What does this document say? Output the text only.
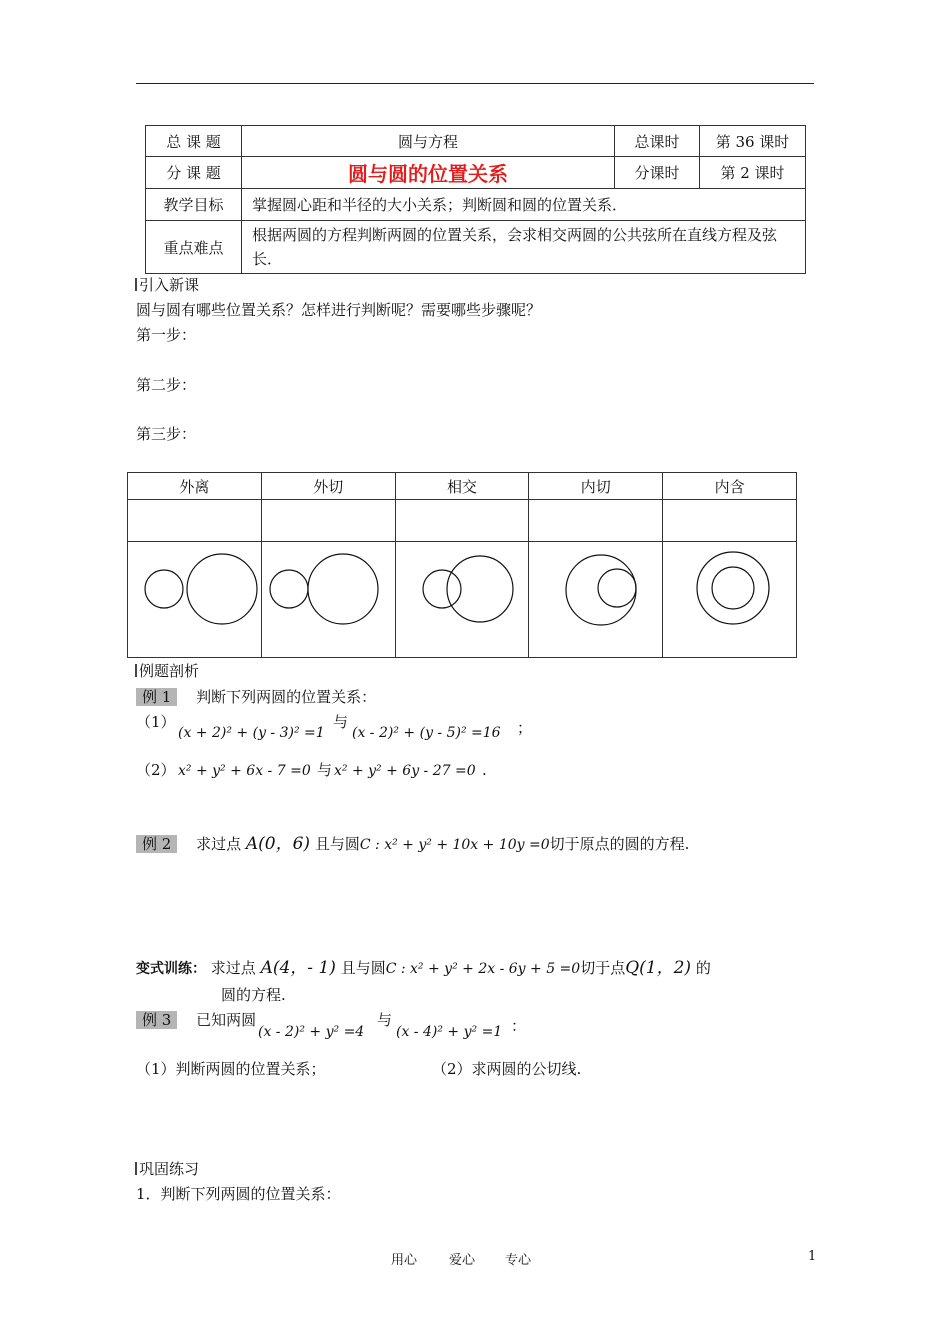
总 课 题	圆与方程	总课时	第 36 课时
分 课 题	圆与圆的位置关系	分课时	第 2 课时
教学目标	掌握圆心距和半径的大小关系；判断圆和圆的位置关系．		
重点难点	根据两圆的方程判断两圆的位置关系，会求相交两圆的公共弦所在直线方程及弦长．		
引入新课
圆与圆有哪些位置关系？怎样进行判断呢？需要哪些步骤呢？
第一步：
第二步：
第三步：
外离	外切	相交	内切	内含

例题剖析
例 1 判断下列两圆的位置关系：
（1）
(x + 2)² + (y - 3)² =1
与
(x - 2)² + (y - 5)² =16 ；
（2） x² + y² + 6x - 7 =0 与 x² + y² + 6y - 27 =0 .
例 2 求过点 A(0，6) 且与圆C : x² + y² + 10x + 10y =0切于原点的圆的方程.
变式训练： 求过点 A(4，- 1) 且与圆C : x² + y² + 2x - 6y + 5 =0切于点Q(1，2) 的
圆的方程.
例 3 已知两圆
(x - 2)² + y² =4
与
(x - 4)² + y² =1 ：
（1）判断两圆的位置关系；	（2）求两圆的公切线.
巩固练习
1．判断下列两圆的位置关系：
用心 爱心 专心	1
